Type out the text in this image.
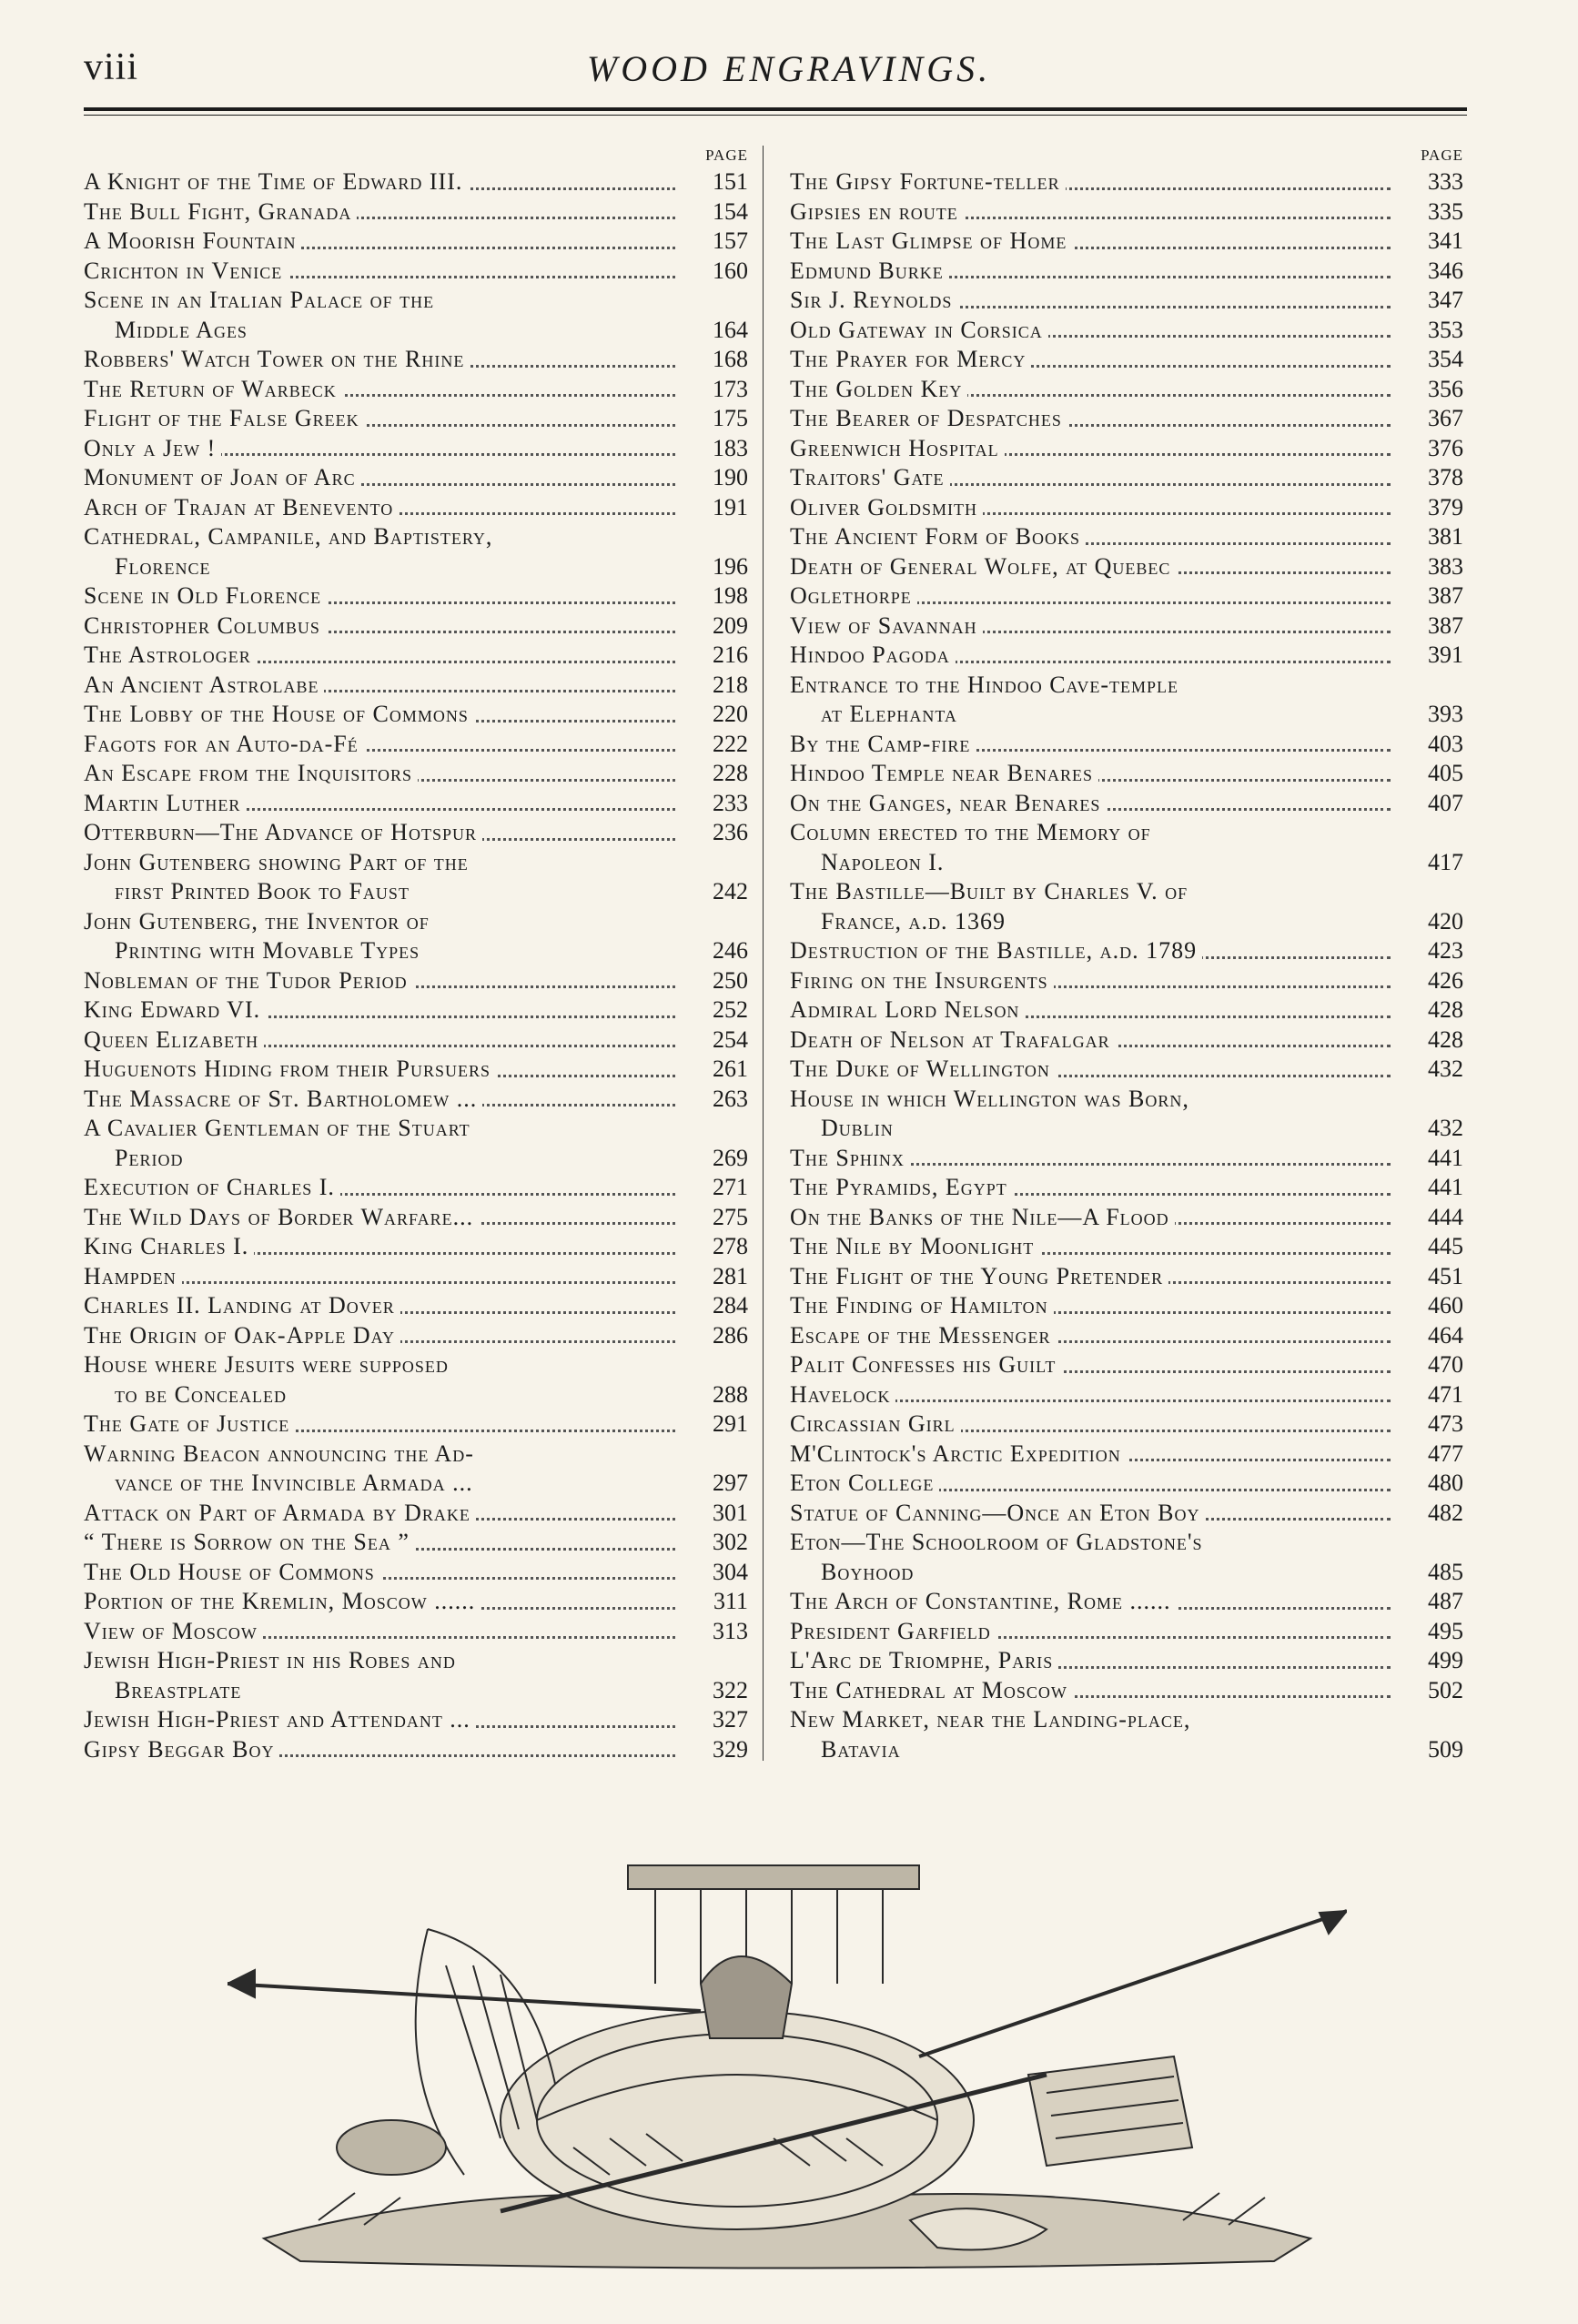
viii	WOOD ENGRAVINGS.
PAGE
A Knight of the Time of Edward III.	151
The Bull Fight, Granada	154
A Moorish Fountain	157
Crichton in Venice	160
Scene in an Italian Palace of the
Middle Ages	164
Robbers' Watch Tower on the Rhine	168
The Return of Warbeck	173
Flight of the False Greek	175
Only a Jew !	183
Monument of Joan of Arc	190
Arch of Trajan at Benevento	191
Cathedral, Campanile, and Baptistery,
Florence	196
Scene in Old Florence	198
Christopher Columbus	209
The Astrologer	216
An Ancient Astrolabe	218
The Lobby of the House of Commons	220
Fagots for an Auto-da-Fé	222
An Escape from the Inquisitors	228
Martin Luther	233
Otterburn—The Advance of Hotspur	236
John Gutenberg showing Part of the
first Printed Book to Faust	242
John Gutenberg, the Inventor of
Printing with Movable Types	246
Nobleman of the Tudor Period	250
King Edward VI.	252
Queen Elizabeth	254
Huguenots Hiding from their Pursuers	261
The Massacre of St. Bartholomew ...	263
A Cavalier Gentleman of the Stuart
Period	269
Execution of Charles I.	271
The Wild Days of Border Warfare...	275
King Charles I.	278
Hampden	281
Charles II. Landing at Dover	284
The Origin of Oak-Apple Day	286
House where Jesuits were supposed
to be Concealed	288
The Gate of Justice	291
Warning Beacon announcing the Ad-
vance of the Invincible Armada ...	297
Attack on Part of Armada by Drake	301
“ There is Sorrow on the Sea ”	302
The Old House of Commons	304
Portion of the Kremlin, Moscow ......	311
View of Moscow	313
Jewish High-Priest in his Robes and
Breastplate	322
Jewish High-Priest and Attendant ...	327
Gipsy Beggar Boy	329
PAGE
The Gipsy Fortune-teller	333
Gipsies en route	335
The Last Glimpse of Home	341
Edmund Burke	346
Sir J. Reynolds	347
Old Gateway in Corsica	353
The Prayer for Mercy	354
The Golden Key	356
The Bearer of Despatches	367
Greenwich Hospital	376
Traitors' Gate	378
Oliver Goldsmith	379
The Ancient Form of Books	381
Death of General Wolfe, at Quebec	383
Oglethorpe	387
View of Savannah	387
Hindoo Pagoda	391
Entrance to the Hindoo Cave-temple
at Elephanta	393
By the Camp-fire	403
Hindoo Temple near Benares	405
On the Ganges, near Benares	407
Column erected to the Memory of
Napoleon I.	417
The Bastille—Built by Charles V. of
France, a.d. 1369	420
Destruction of the Bastille, a.d. 1789	423
Firing on the Insurgents	426
Admiral Lord Nelson	428
Death of Nelson at Trafalgar	428
The Duke of Wellington	432
House in which Wellington was Born,
Dublin	432
The Sphinx	441
The Pyramids, Egypt	441
On the Banks of the Nile—A Flood	444
The Nile by Moonlight	445
The Flight of the Young Pretender	451
The Finding of Hamilton	460
Escape of the Messenger	464
Palit Confesses his Guilt	470
Havelock	471
Circassian Girl	473
M'Clintock's Arctic Expedition	477
Eton College	480
Statue of Canning—Once an Eton Boy	482
Eton—The Schoolroom of Gladstone's
Boyhood	485
The Arch of Constantine, Rome ......	487
President Garfield	495
L'Arc de Triomphe, Paris	499
The Cathedral at Moscow	502
New Market, near the Landing-place,
Batavia	509
